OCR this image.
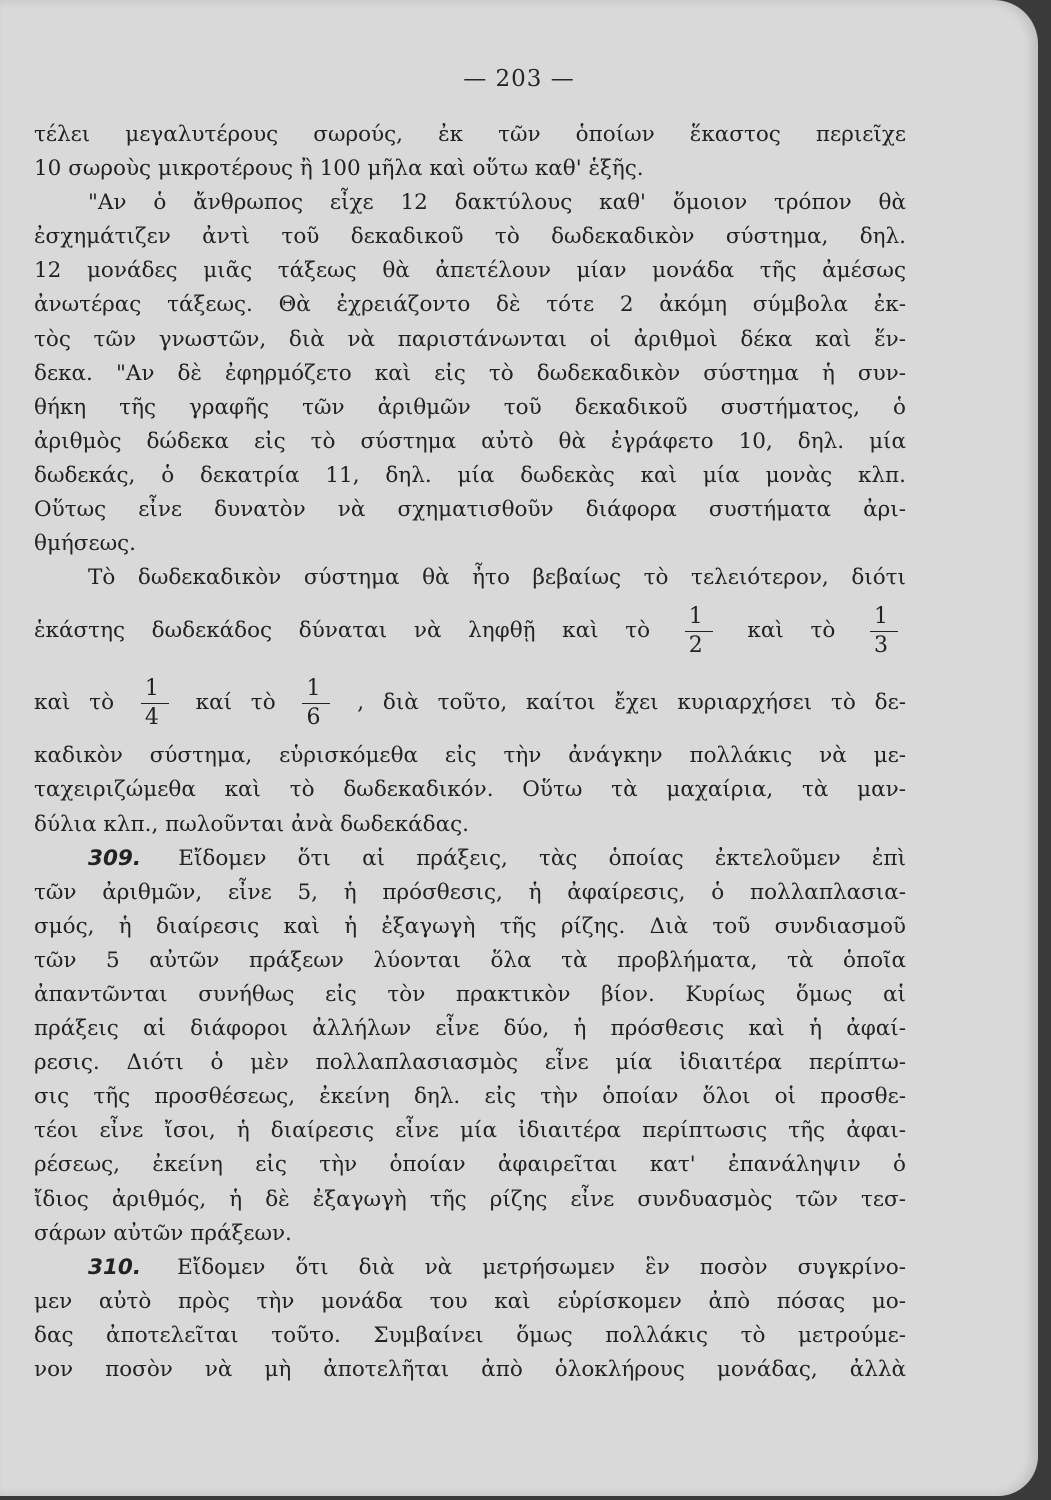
— 203 —
τέλει μεγαλυτέρους σωρούς, ἐκ τῶν ὁποίων ἕκαστος περιεῖχε
10 σωροὺς μικροτέρους ἢ 100 μῆλα καὶ οὕτω καθ' ἑξῆς.
"Αν ὁ ἄνθρωπος εἶχε 12 δακτύλους καθ' ὅμοιον τρόπον θὰ
ἐσχημάτιζεν ἀντὶ τοῦ δεκαδικοῦ τὸ δωδεκαδικὸν σύστημα, δηλ.
12 μονάδες μιᾶς τάξεως θὰ ἀπετέλουν μίαν μονάδα τῆς ἀμέσως
ἀνωτέρας τάξεως. Θὰ ἐχρειάζοντο δὲ τότε 2 ἀκόμη σύμβολα ἐκ-
τὸς τῶν γνωστῶν, διὰ νὰ παριστάνωνται οἱ ἀριθμοὶ δέκα καὶ ἕν-
δεκα. "Αν δὲ ἐφηρμόζετο καὶ εἰς τὸ δωδεκαδικὸν σύστημα ἡ συν-
θήκη τῆς γραφῆς τῶν ἀριθμῶν τοῦ δεκαδικοῦ συστήματος, ὁ
ἀριθμὸς δώδεκα εἰς τὸ σύστημα αὐτὸ θὰ ἐγράφετο 10, δηλ. μία
δωδεκάς, ὁ δεκατρία 11, δηλ. μία δωδεκὰς καὶ μία μονὰς κλπ.
Οὕτως εἶνε δυνατὸν νὰ σχηματισθοῦν διάφορα συστήματα ἀρι-
θμήσεως.
Τὸ δωδεκαδικὸν σύστημα θὰ ἦτο βεβαίως τὸ τελειότερον, διότι
ἑκάστης δωδεκάδος δύναται νὰ ληφθῇ καὶ τὸ $\frac{1}{2}$ καὶ τὸ $\frac{1}{3}$
καὶ τὸ $\frac{1}{4}$ καί τὸ $\frac{1}{6}$ , διὰ τοῦτο, καίτοι ἔχει κυριαρχήσει τὸ δε-
καδικὸν σύστημα, εὑρισκόμεθα εἰς τὴν ἀνάγκην πολλάκις νὰ με-
ταχειριζώμεθα καὶ τὸ δωδεκαδικόν. Οὕτω τὰ μαχαίρια, τὰ μαν-
δύλια κλπ., πωλοῦνται ἀνὰ δωδεκάδας.
309. Εἴδομεν ὅτι αἱ πράξεις, τὰς ὁποίας ἐκτελοῦμεν ἐπὶ
τῶν ἀριθμῶν, εἶνε 5, ἡ πρόσθεσις, ἡ ἀφαίρεσις, ὁ πολλαπλασια-
σμός, ἡ διαίρεσις καὶ ἡ ἐξαγωγὴ τῆς ρίζης. Διὰ τοῦ συνδιασμοῦ
τῶν 5 αὐτῶν πράξεων λύονται ὅλα τὰ προβλήματα, τὰ ὁποῖα
ἀπαντῶνται συνήθως εἰς τὸν πρακτικὸν βίον. Κυρίως ὅμως αἱ
πράξεις αἱ διάφοροι ἀλλήλων εἶνε δύο, ἡ πρόσθεσις καὶ ἡ ἀφαί-
ρεσις. Διότι ὁ μὲν πολλαπλασιασμὸς εἶνε μία ἰδιαιτέρα περίπτω-
σις τῆς προσθέσεως, ἐκείνη δηλ. εἰς τὴν ὁποίαν ὅλοι οἱ προσθε-
τέοι εἶνε ἴσοι, ἡ διαίρεσις εἶνε μία ἰδιαιτέρα περίπτωσις τῆς ἀφαι-
ρέσεως, ἐκείνη εἰς τὴν ὁποίαν ἀφαιρεῖται κατ' ἐπανάληψιν ὁ
ἴδιος ἀριθμός, ἡ δὲ ἐξαγωγὴ τῆς ρίζης εἶνε συνδυασμὸς τῶν τεσ-
σάρων αὐτῶν πράξεων.
310. Εἴδομεν ὅτι διὰ νὰ μετρήσωμεν ἓν ποσὸν συγκρίνο-
μεν αὐτὸ πρὸς τὴν μονάδα του καὶ εὑρίσκομεν ἀπὸ πόσας μο-
δας ἀποτελεῖται τοῦτο. Συμβαίνει ὅμως πολλάκις τὸ μετρούμε-
νον ποσὸν νὰ μὴ ἀποτελῆται ἀπὸ ὁλοκλήρους μονάδας, ἀλλὰ
